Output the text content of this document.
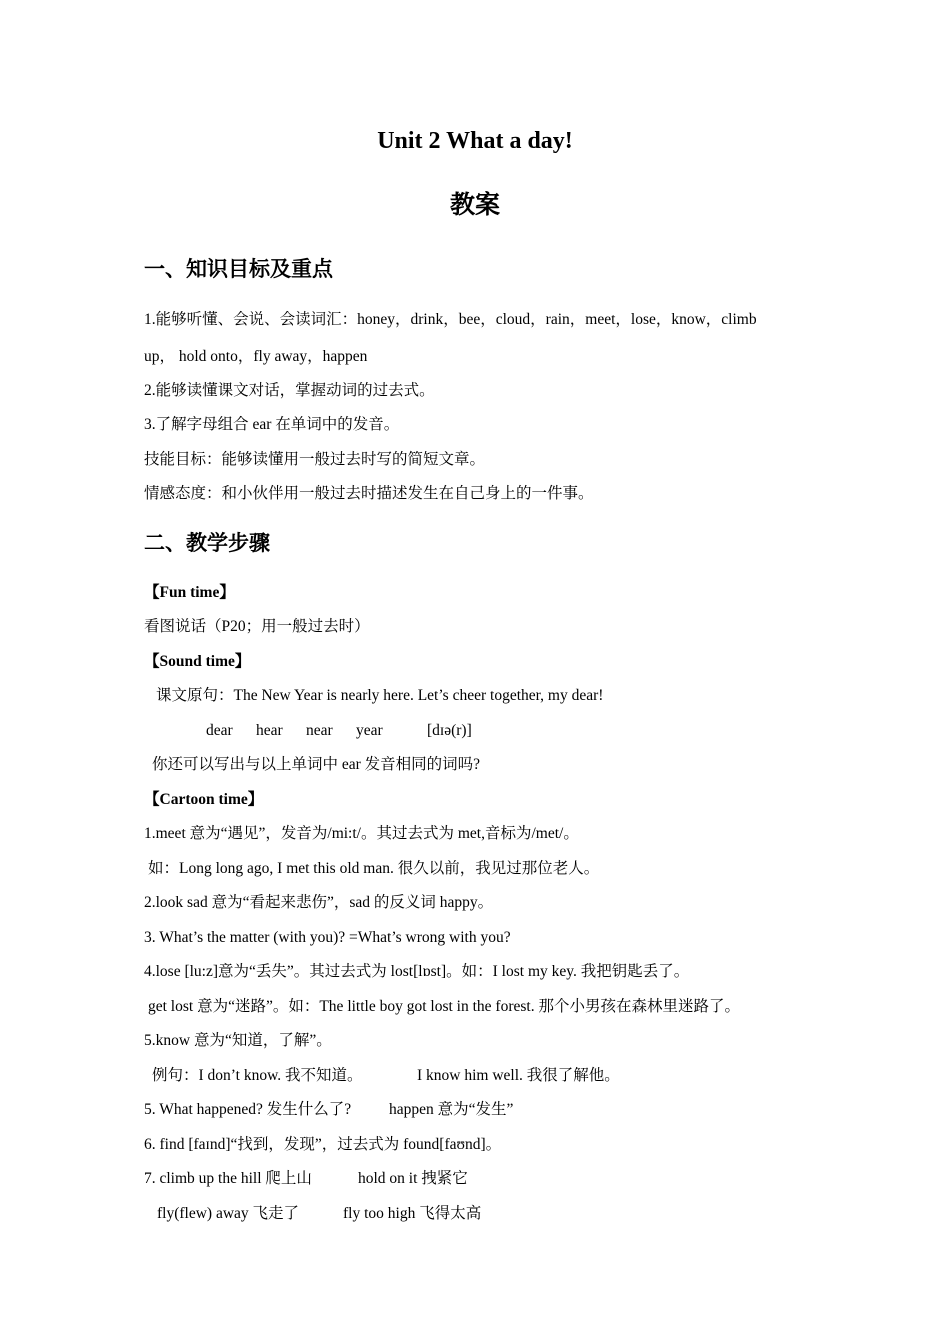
Unit 2 What a day!
教案
一、知识目标及重点
1.能够听懂、会说、会读词汇：honey，drink，bee，cloud，rain，meet，lose，know，climb
up， hold onto，fly away，happen
2.能够读懂课文对话，掌握动词的过去式。
3.了解字母组合 ear 在单词中的发音。
技能目标：能够读懂用一般过去时写的简短文章。
情感态度：和小伙伴用一般过去时描述发生在自己身上的一件事。
二、教学步骤
【Fun time】
看图说话（P20；用一般过去时）
【Sound time】
课文原句：The New Year is nearly here. Let’s cheer together, my dear!
dear hear near year	[dɪə(r)]
你还可以写出与以上单词中 ear 发音相同的词吗?
【Cartoon time】
1.meet 意为“遇见”，发音为/mi:t/。其过去式为 met,音标为/met/。
如：Long long ago, I met this old man. 很久以前，我见过那位老人。
2.look sad 意为“看起来悲伤”，sad 的反义词 happy。
3. What’s the matter (with you)? =What’s wrong with you?
4.lose [lu:z]意为“丢失”。其过去式为 lost[lɒst]。如：I lost my key. 我把钥匙丢了。
get lost 意为“迷路”。如：The little boy got lost in the forest. 那个小男孩在森林里迷路了。
5.know 意为“知道，了解”。
例句：I don’t know. 我不知道。	I know him well. 我很了解他。
5. What happened? 发生什么了? happen 意为“发生”
6. find [faɪnd]“找到，发现”，过去式为 found[faʊnd]。
7. climb up the hill 爬上山	hold on it 拽紧它
fly(flew) away 飞走了	fly too high 飞得太高
